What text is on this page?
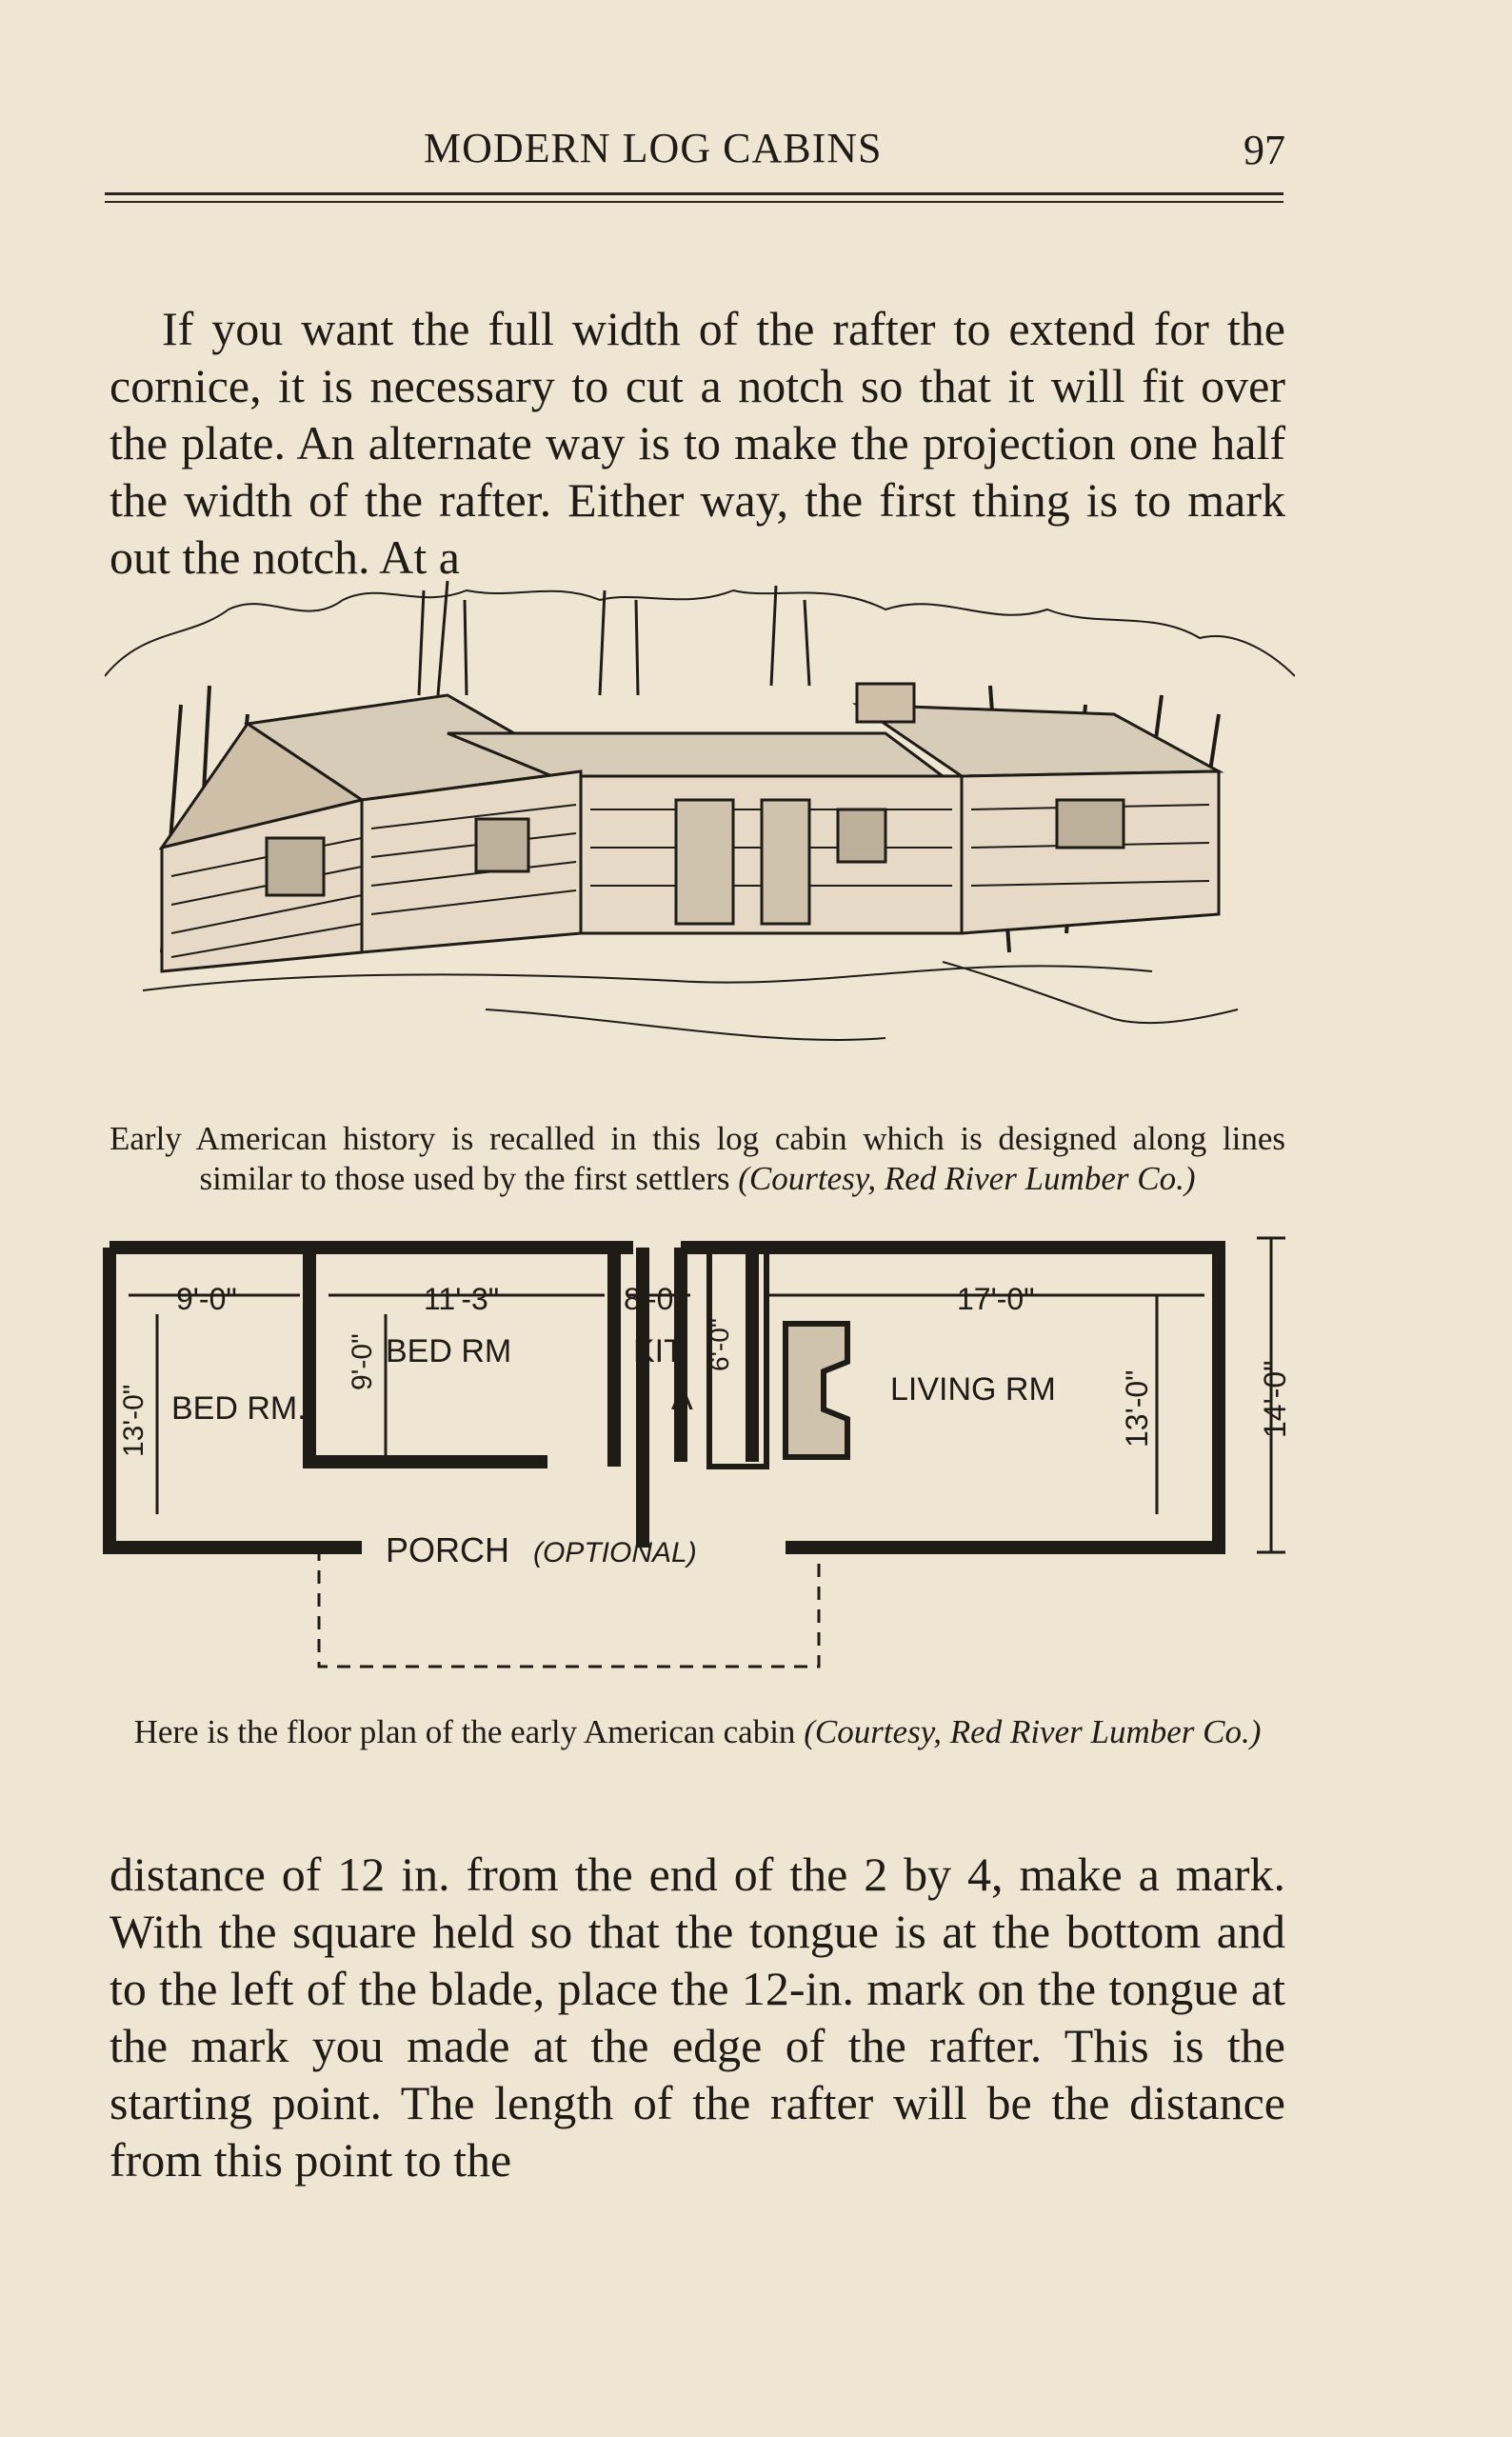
MODERN LOG CABINS	97

If you want the full width of the rafter to extend for the cornice, it is necessary to cut a notch so that it will fit over the plate. An alternate way is to make the projection one half the width of the rafter. Either way, the first thing is to mark out the notch. At a

Early American history is recalled in this log cabin which is designed along lines similar to those used by the first settlers (Courtesy, Red River Lumber Co.)

9'-0"	11'-3"	8'-0"	17'-0"
BED RM.
BED RM	KIT.
A	LIVING RM
PORCH (OPTIONAL)
13'-0"
9'-0"	6'-0"
13'-0"	14'-0"

Here is the floor plan of the early American cabin (Courtesy, Red River Lumber Co.)

distance of 12 in. from the end of the 2 by 4, make a mark. With the square held so that the tongue is at the bottom and to the left of the blade, place the 12-in. mark on the tongue at the mark you made at the edge of the rafter. This is the starting point. The length of the rafter will be the distance from this point to the
